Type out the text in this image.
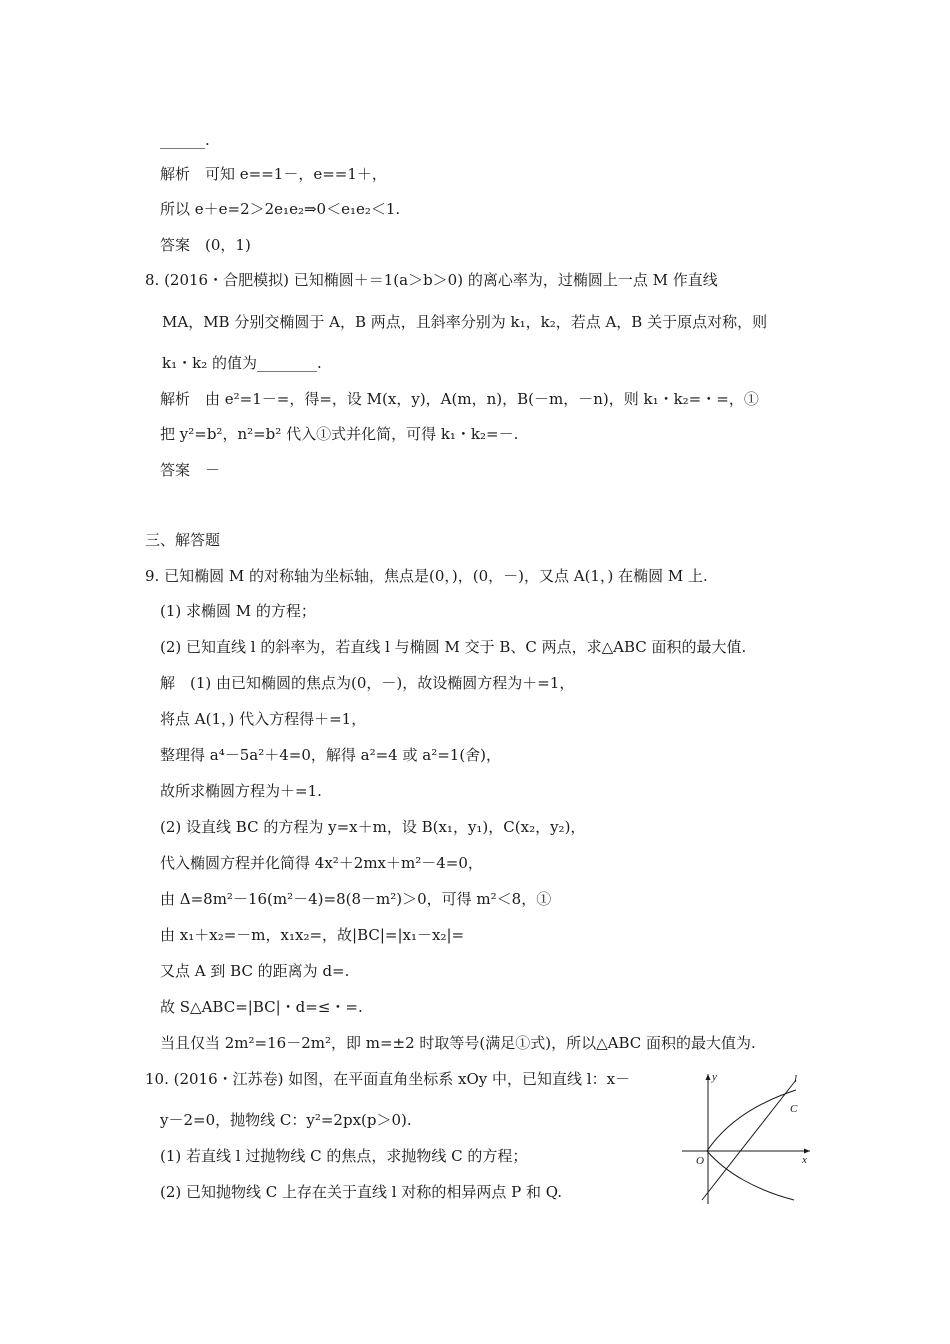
______.
解析　可知 e==1－，e==1＋，
所以 e＋e=2＞2e₁e₂⇒0＜e₁e₂＜1.
答案　(0，1)
8. (2016・合肥模拟) 已知椭圆＋＝1(a＞b＞0) 的离心率为，过椭圆上一点 M 作直线
MA，MB 分别交椭圆于 A，B 两点，且斜率分别为 k₁，k₂，若点 A，B 关于原点对称，则
k₁・k₂ 的值为________.
解析　由 e²=1－=，得=，设 M(x，y)，A(m，n)，B(－m，－n)，则 k₁・k₂=・=，①
把 y²=b²，n²=b² 代入①式并化简，可得 k₁・k₂=－.
答案　－
三、解答题
9. 已知椭圆 M 的对称轴为坐标轴，焦点是(0，)，(0，－)，又点 A(1，) 在椭圆 M 上.
(1) 求椭圆 M 的方程；
(2) 已知直线 l 的斜率为，若直线 l 与椭圆 M 交于 B、C 两点，求△ABC 面积的最大值.
解　(1) 由已知椭圆的焦点为(0，－)，故设椭圆方程为＋=1，
将点 A(1，) 代入方程得＋=1，
整理得 a⁴－5a²＋4=0，解得 a²=4 或 a²=1(舍)，
故所求椭圆方程为＋=1.
(2) 设直线 BC 的方程为 y=x＋m，设 B(x₁，y₁)，C(x₂，y₂)，
代入椭圆方程并化简得 4x²＋2mx＋m²－4=0，
由 Δ=8m²－16(m²－4)=8(8－m²)＞0，可得 m²＜8，①
由 x₁＋x₂=－m，x₁x₂=，故|BC|=|x₁－x₂|=
又点 A 到 BC 的距离为 d=.
故 S△ABC=|BC|・d=≤・=.
当且仅当 2m²=16－2m²，即 m=±2 时取等号(满足①式)，所以△ABC 面积的最大值为.
10. (2016・江苏卷) 如图，在平面直角坐标系 xOy 中，已知直线 l：x－
y－2=0，抛物线 C：y²=2px(p＞0).
(1) 若直线 l 过抛物线 C 的焦点，求抛物线 C 的方程；
(2) 已知抛物线 C 上存在关于直线 l 对称的相异两点 P 和 Q.
y
x
O
l
C
